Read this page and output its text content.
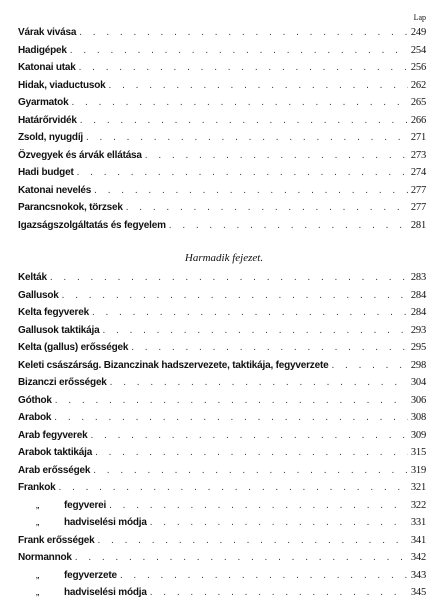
Lap
Várak vivása . . .	249
Hadigépek . . .	254
Katonai utak . . .	256
Hidak, viaductusok . . .	262
Gyarmatok . . .	265
Határőrvidék . . .	266
Zsold, nyugdíj . . .	271
Özvegyek és árvák ellátása . . .	273
Hadi budget . . .	274
Katonai nevelés . . .	277
Parancsnokok, törzsek . . .	277
Igazságszolgáltatás és fegyelem . . .	281
Harmadik fejezet.
Kelták . . .	283
Gallusok . . .	284
Kelta fegyverek . . .	284
Gallusok taktikája . . .	293
Kelta (gallus) erősségek . . .	295
Keleti császárság. Bizanczinak hadszervezete, taktikája, fegyverzete . . .	298
Bizanczi erősségek . . .	304
Góthok . . .	306
Arabok . . .	308
Arab fegyverek . . .	309
Arabok taktikája . . .	315
Arab erősségek . . .	319
Frankok . . .	321
„ fegyverei . . .	322
„ hadviselési módja . . .	331
Frank erősségek . . .	341
Normannok . . .	342
„ fegyverzete . . .	343
„ hadviselési módja . . .	345
